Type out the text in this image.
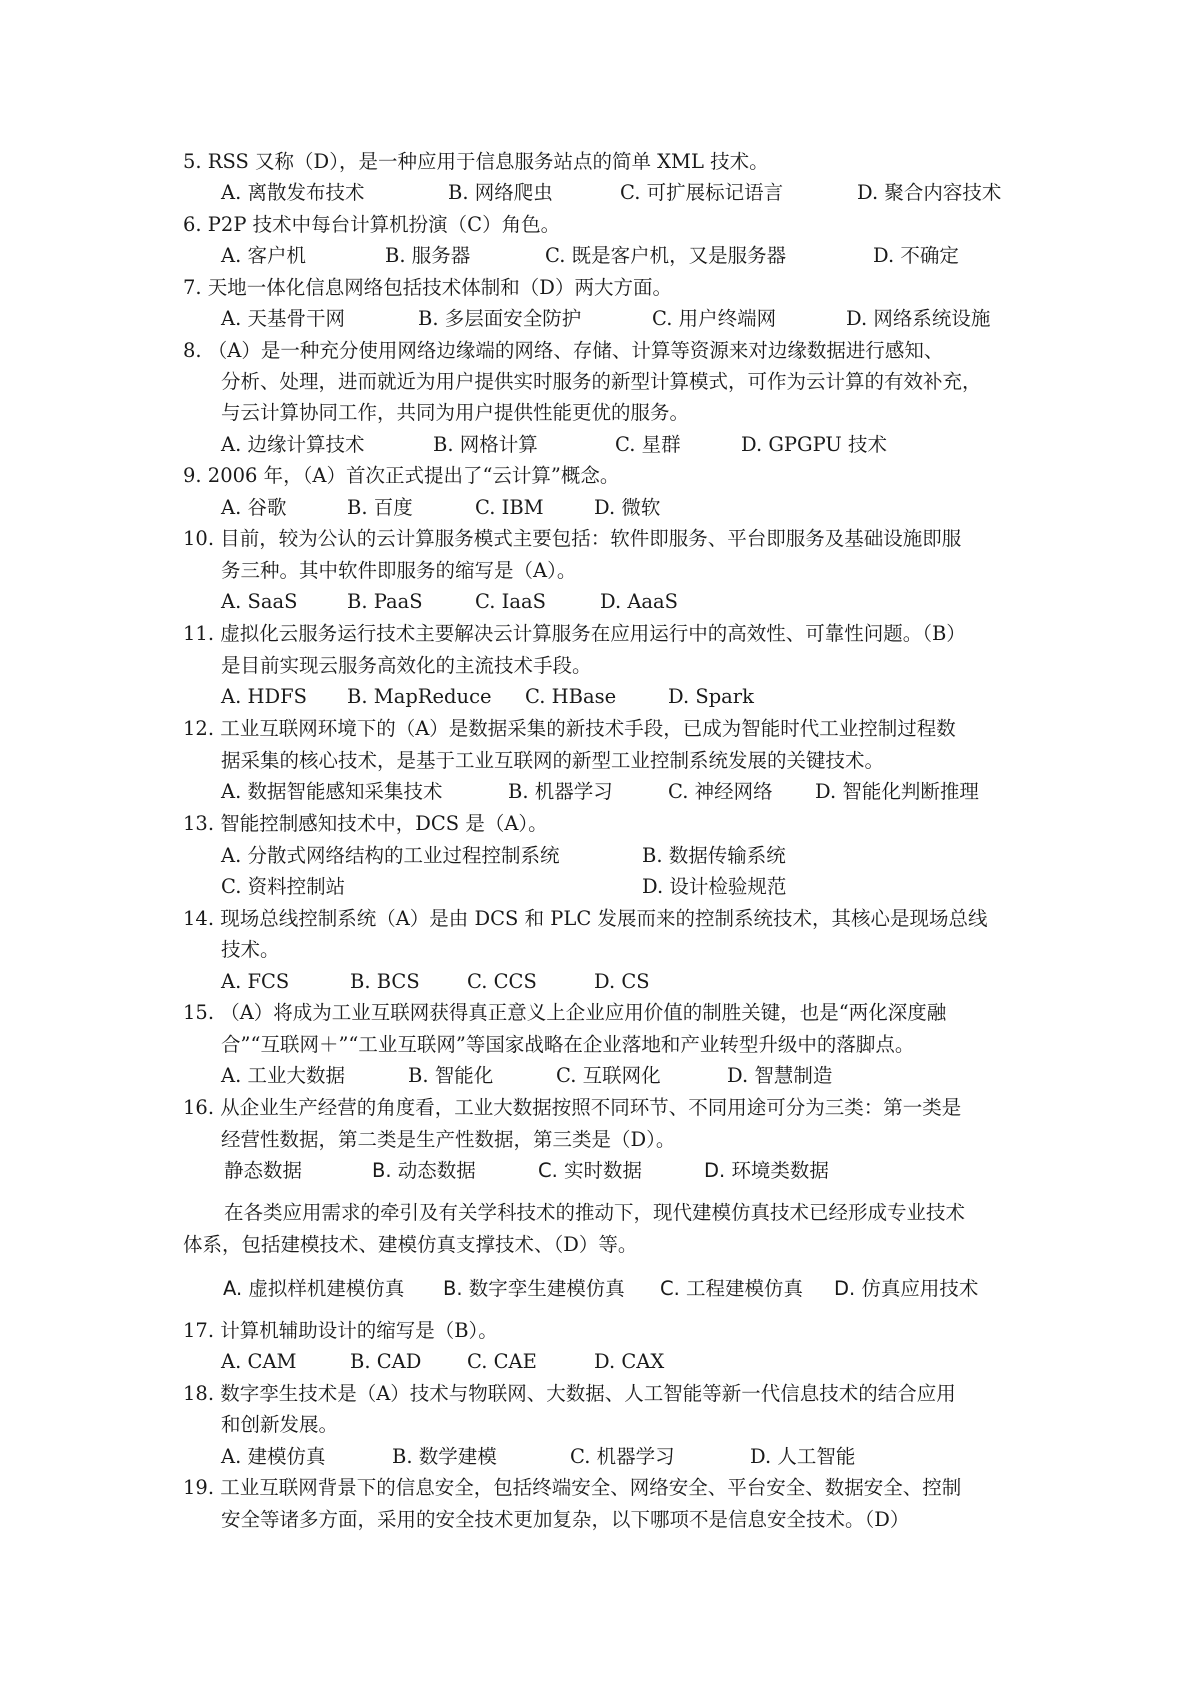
5. RSS 又称（D），是一种应用于信息服务站点的简单 XML 技术。
A. 离散发布技术	B. 网络爬虫	C. 可扩展标记语言	D. 聚合内容技术
6. P2P 技术中每台计算机扮演（C）角色。
A. 客户机	B. 服务器	C. 既是客户机，又是服务器	D. 不确定
7. 天地一体化信息网络包括技术体制和（D）两大方面。
A. 天基骨干网	B. 多层面安全防护	C. 用户终端网	D. 网络系统设施
8. （A）是一种充分使用网络边缘端的网络、存储、计算等资源来对边缘数据进行感知、
分析、处理，进而就近为用户提供实时服务的新型计算模式，可作为云计算的有效补充，
与云计算协同工作，共同为用户提供性能更优的服务。
A. 边缘计算技术	B. 网格计算	C. 星群	D. GPGPU 技术
9. 2006 年，（A）首次正式提出了“云计算”概念。
A. 谷歌	B. 百度	C. IBM	D. 微软
10. 目前，较为公认的云计算服务模式主要包括：软件即服务、平台即服务及基础设施即服
务三种。其中软件即服务的缩写是（A）。
A. SaaS	B. PaaS	C. IaaS	D. AaaS
11. 虚拟化云服务运行技术主要解决云计算服务在应用运行中的高效性、可靠性问题。（B）
是目前实现云服务高效化的主流技术手段。
A. HDFS B. MapReduce C. HBase	D. Spark
12. 工业互联网环境下的（A）是数据采集的新技术手段，已成为智能时代工业控制过程数
据采集的核心技术，是基于工业互联网的新型工业控制系统发展的关键技术。
A. 数据智能感知采集技术	B. 机器学习	C. 神经网络 D. 智能化判断推理
13. 智能控制感知技术中，DCS 是（A）。
A. 分散式网络结构的工业过程控制系统	B. 数据传输系统
C. 资料控制站	D. 设计检验规范
14. 现场总线控制系统（A）是由 DCS 和 PLC 发展而来的控制系统技术，其核心是现场总线
技术。
A. FCS	B. BCS C. CCS	D. CS
15. （A）将成为工业互联网获得真正意义上企业应用价值的制胜关键，也是“两化深度融
合”“互联网＋”“工业互联网”等国家战略在企业落地和产业转型升级中的落脚点。
A. 工业大数据	B. 智能化	C. 互联网化	D. 智慧制造
16. 从企业生产经营的角度看，工业大数据按照不同环节、不同用途可分为三类：第一类是
经营性数据，第二类是生产性数据，第三类是（D）。
静态数据	B. 动态数据	C. 实时数据	D. 环境类数据
在各类应用需求的牵引及有关学科技术的推动下，现代建模仿真技术已经形成专业技术
体系，包括建模技术、建模仿真支撑技术、（D）等。
A. 虚拟样机建模仿真 B. 数字孪生建模仿真 C. 工程建模仿真 D. 仿真应用技术
17. 计算机辅助设计的缩写是（B）。
A. CAM	B. CAD C. CAE	D. CAX
18. 数字孪生技术是（A）技术与物联网、大数据、人工智能等新一代信息技术的结合应用
和创新发展。
A. 建模仿真	B. 数学建模	C. 机器学习	D. 人工智能
19. 工业互联网背景下的信息安全，包括终端安全、网络安全、平台安全、数据安全、控制
安全等诸多方面，采用的安全技术更加复杂，以下哪项不是信息安全技术。（D）
